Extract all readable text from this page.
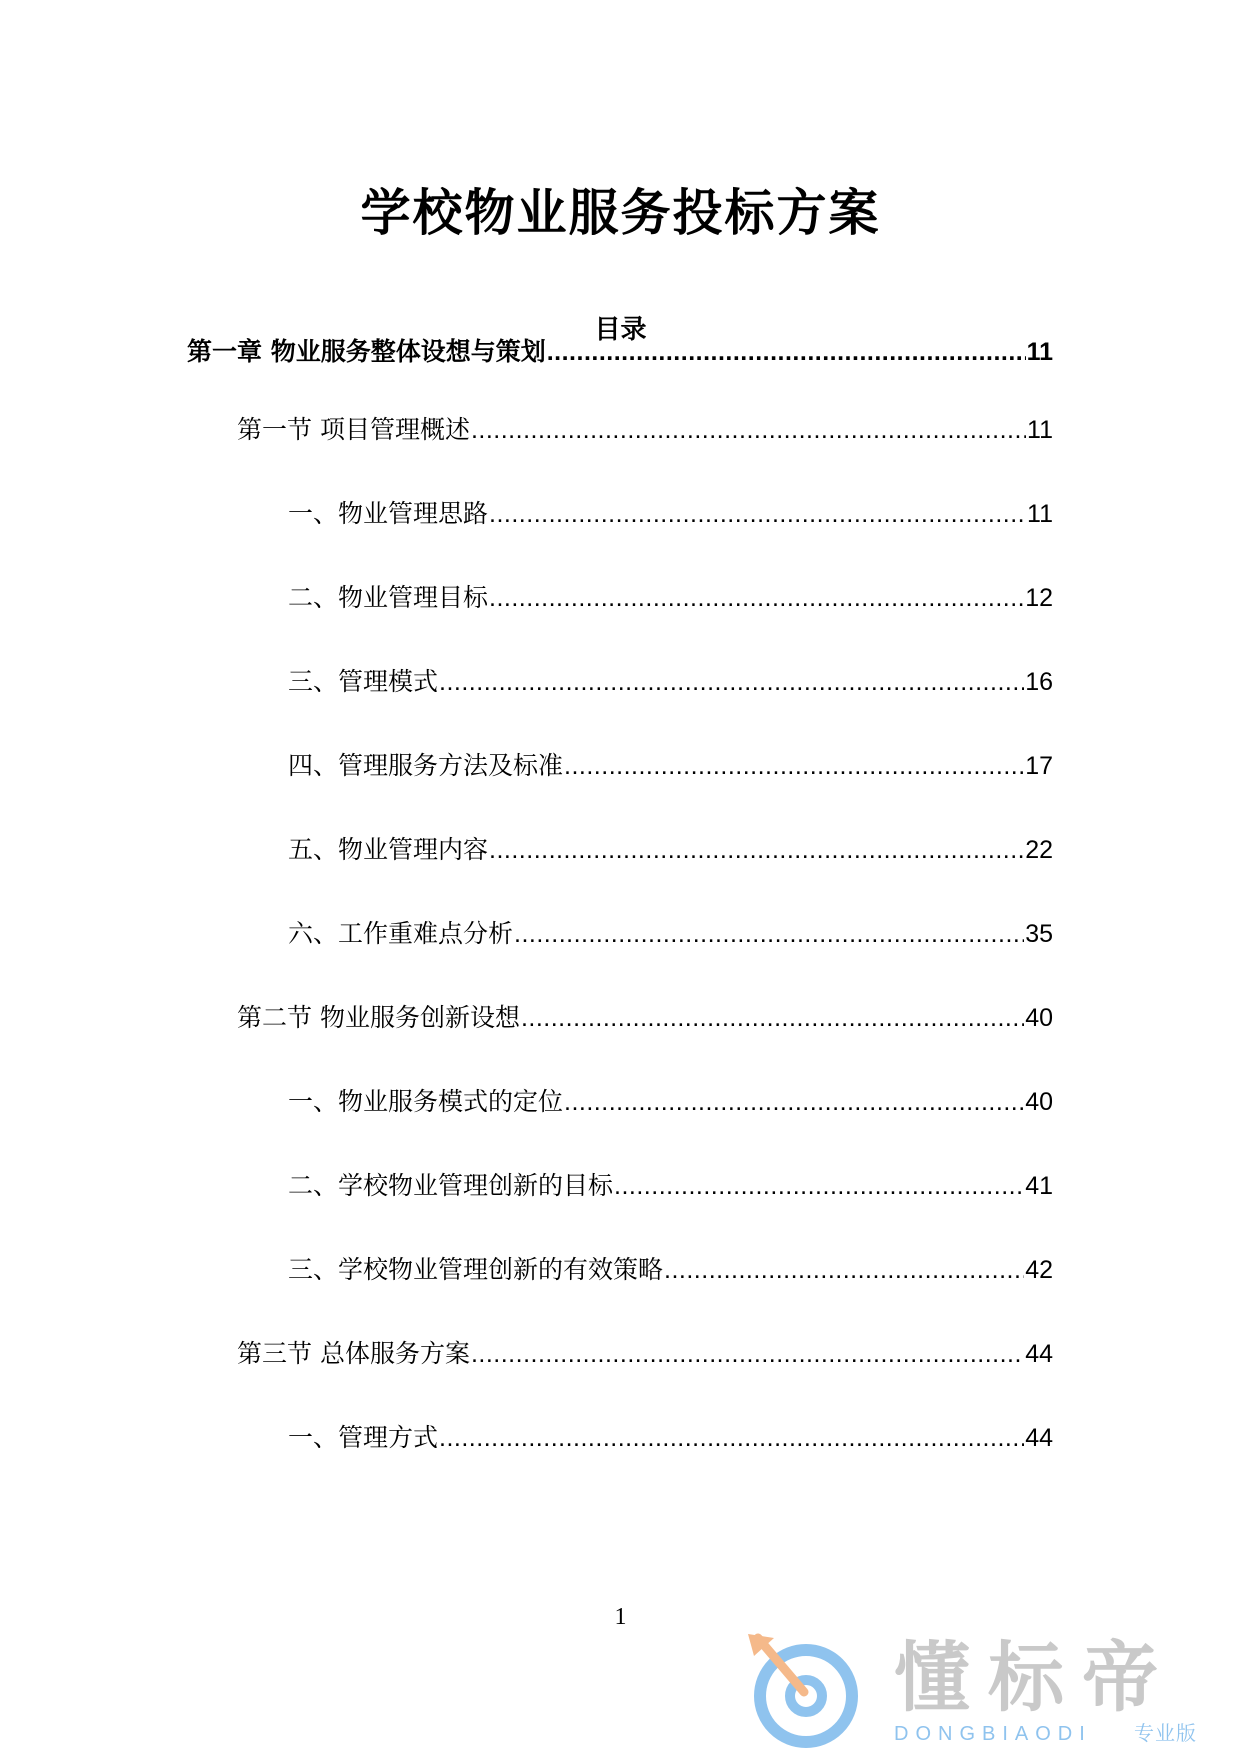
学校物业服务投标方案
目录
第一章 物业服务整体设想与策划 .....	11
第一节 项目管理概述 .....	11
一、物业管理思路 .....	11
二、物业管理目标 .....	12
三、管理模式 .....	16
四、管理服务方法及标准 .....	17
五、物业管理内容 .....	22
六、工作重难点分析 .....	35
第二节 物业服务创新设想 .....	40
一、物业服务模式的定位 .....	40
二、学校物业管理创新的目标 .....	41
三、学校物业管理创新的有效策略 .....	42
第三节 总体服务方案 .....	44
一、管理方式 .....	44
1
懂标帝
DONGBIAODI 专业版
